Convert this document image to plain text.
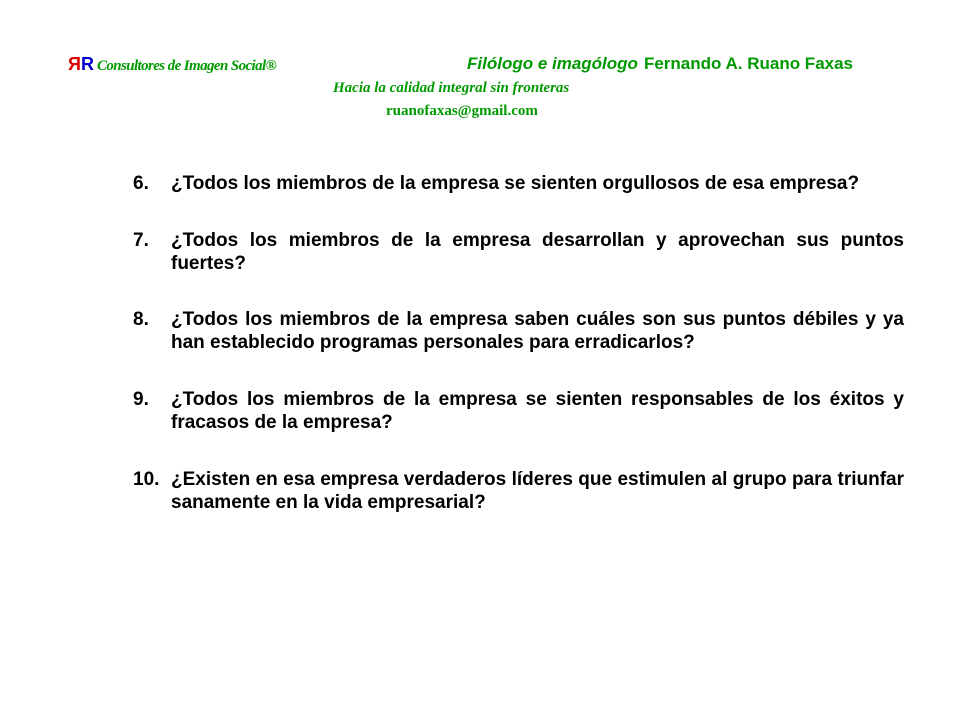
ЯR Consultores de Imagen Social®	Filólogo e imagólogo Fernando A. Ruano Faxas
Hacia la calidad integral sin fronteras
ruanofaxas@gmail.com
6. ¿Todos los miembros de la empresa se sienten orgullosos de esa empresa?
7. ¿Todos los miembros de la empresa desarrollan y aprovechan sus puntos fuertes?
8. ¿Todos los miembros de la empresa saben cuáles son sus puntos débiles y ya han establecido programas personales para erradicarlos?
9. ¿Todos los miembros de la empresa se sienten responsables de los éxitos y fracasos de la empresa?
10. ¿Existen en esa empresa verdaderos líderes que estimulen al grupo para triunfar sanamente en la vida empresarial?
